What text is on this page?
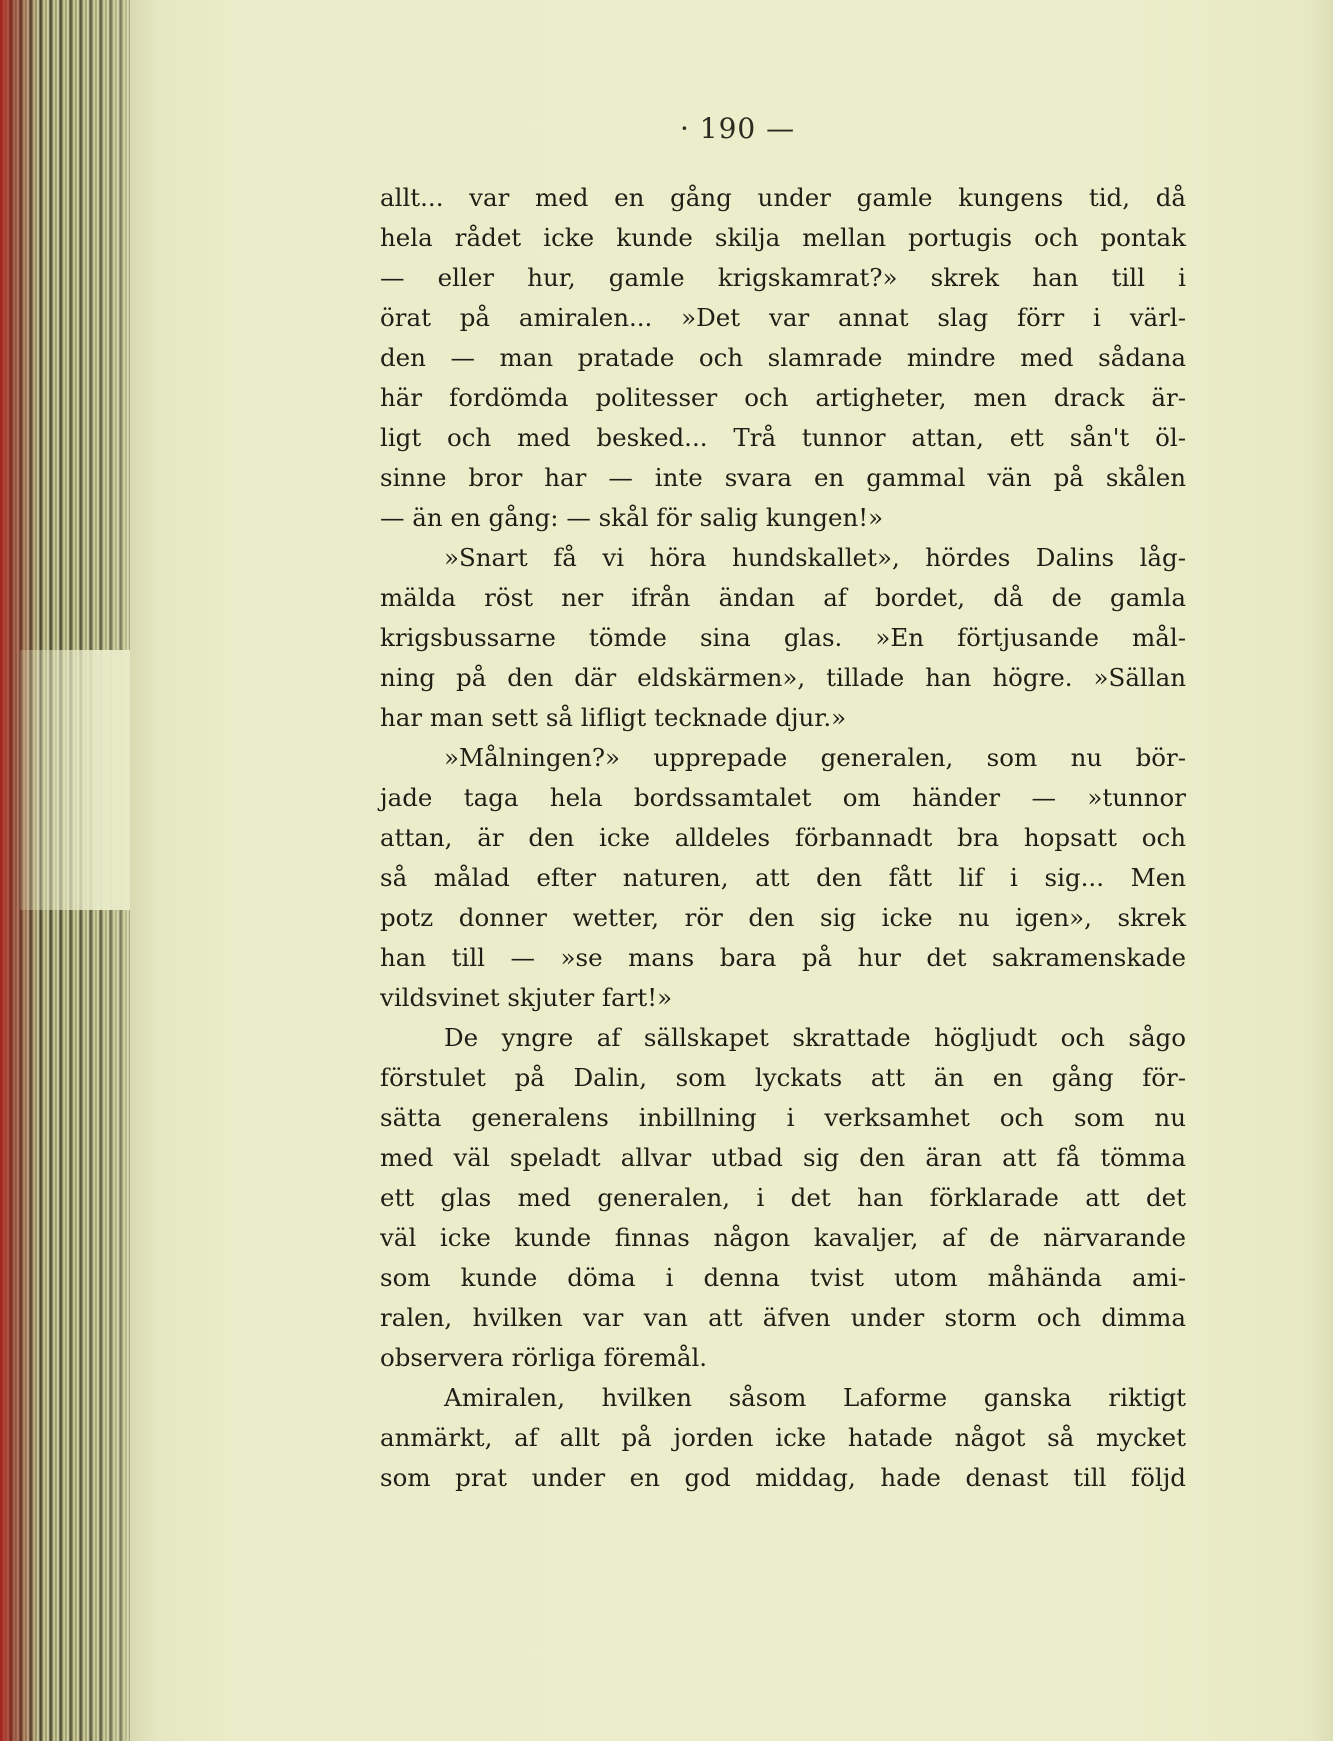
· 190 —
allt... var med en gång under gamle kungens tid, då
hela rådet icke kunde skilja mellan portugis och pontak
— eller hur, gamle krigskamrat?» skrek han till i
örat på amiralen... »Det var annat slag förr i värl-
den — man pratade och slamrade mindre med sådana
här fordömda politesser och artigheter, men drack är-
ligt och med besked... Trå tunnor attan, ett sån't öl-
sinne bror har — inte svara en gammal vän på skålen
— än en gång: — skål för salig kungen!»
»Snart få vi höra hundskallet», hördes Dalins låg-
mälda röst ner ifrån ändan af bordet, då de gamla
krigsbussarne tömde sina glas. »En förtjusande mål-
ning på den där eldskärmen», tillade han högre. »Sällan
har man sett så lifligt tecknade djur.»
»Målningen?» upprepade generalen, som nu bör-
jade taga hela bordssamtalet om händer — »tunnor
attan, är den icke alldeles förbannadt bra hopsatt och
så målad efter naturen, att den fått lif i sig... Men
potz donner wetter, rör den sig icke nu igen», skrek
han till — »se mans bara på hur det sakramenskade
vildsvinet skjuter fart!»
De yngre af sällskapet skrattade högljudt och sågo
förstulet på Dalin, som lyckats att än en gång för-
sätta generalens inbillning i verksamhet och som nu
med väl speladt allvar utbad sig den äran att få tömma
ett glas med generalen, i det han förklarade att det
väl icke kunde finnas någon kavaljer, af de närvarande
som kunde döma i denna tvist utom måhända ami-
ralen, hvilken var van att äfven under storm och dimma
observera rörliga föremål.
Amiralen, hvilken såsom Laforme ganska riktigt
anmärkt, af allt på jorden icke hatade något så mycket
som prat under en god middag, hade denast till följd
